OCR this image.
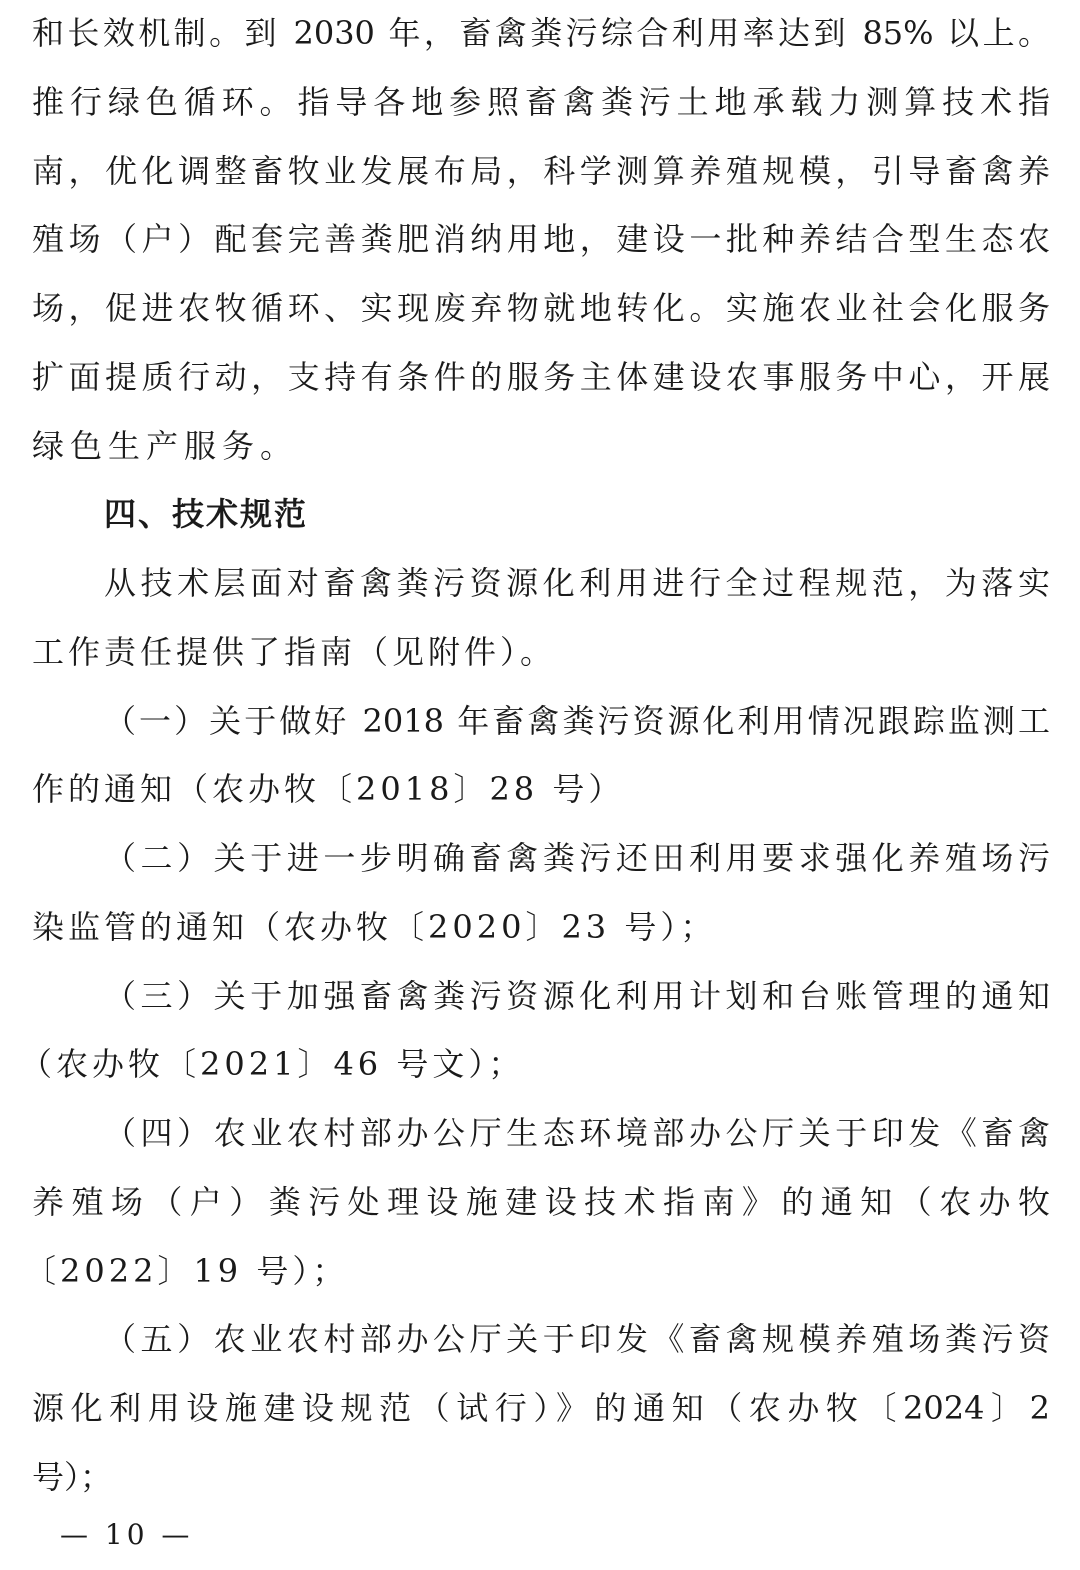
和长效机制。到 2030 年，畜禽粪污综合利用率达到 85% 以上。
推行绿色循环。指导各地参照畜禽粪污土地承载力测算技术指
南，优化调整畜牧业发展布局，科学测算养殖规模，引导畜禽养
殖场（户）配套完善粪肥消纳用地，建设一批种养结合型生态农
场，促进农牧循环、实现废弃物就地转化。实施农业社会化服务
扩面提质行动，支持有条件的服务主体建设农事服务中心，开展
绿色生产服务。
四、技术规范
从技术层面对畜禽粪污资源化利用进行全过程规范，为落实
工作责任提供了指南（见附件）。
（一）关于做好 2018 年畜禽粪污资源化利用情况跟踪监测工
作的通知（农办牧〔2018〕28 号）
（二）关于进一步明确畜禽粪污还田利用要求强化养殖场污
染监管的通知（农办牧〔2020〕23 号）；
（三）关于加强畜禽粪污资源化利用计划和台账管理的通知
（农办牧〔2021〕46 号文）；
（四）农业农村部办公厅生态环境部办公厅关于印发《畜禽
养殖场（户）粪污处理设施建设技术指南》的通知（农办牧
〔2022〕19 号）；
（五）农业农村部办公厅关于印发《畜禽规模养殖场粪污资
源化利用设施建设规范（试行）》的通知（农办牧〔2024〕2
号）；
— 10 —
